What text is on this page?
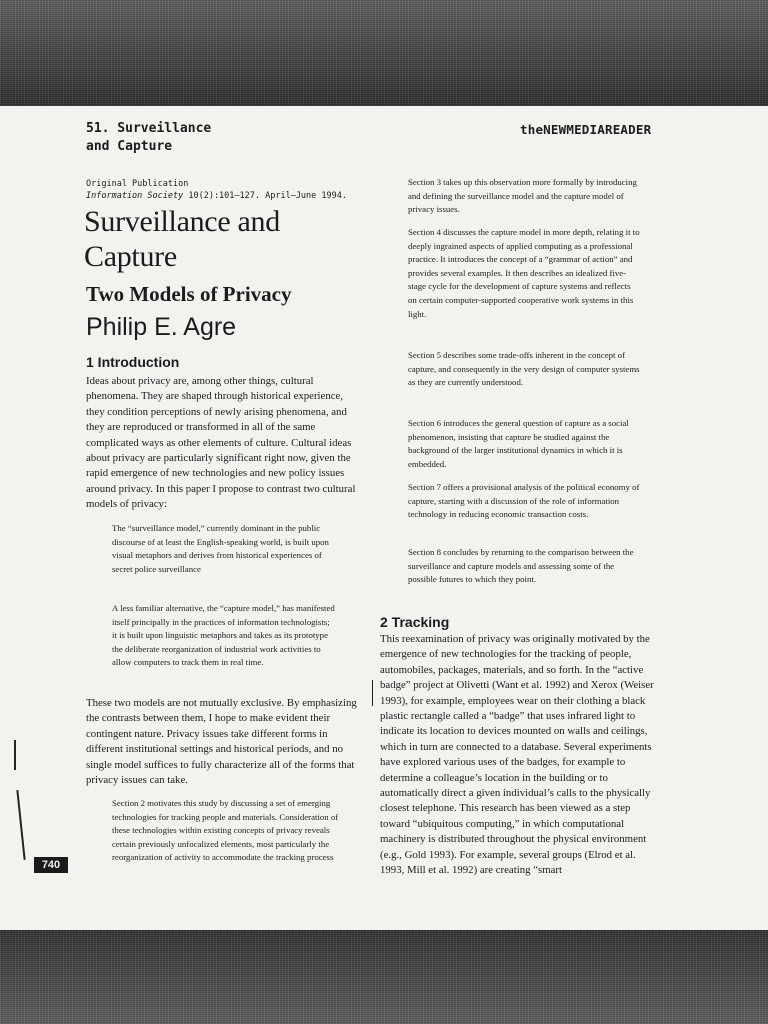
51. Surveillance
and Capture
theNEWMEDIAREADER
Original Publication
Information Society 10(2):101–127. April–June 1994.
Surveillance and
Capture
Two Models of Privacy
Philip E. Agre
1 Introduction

Ideas about privacy are, among other things, cultural phenomena. They are shaped through historical experience, they condition perceptions of newly arising phenomena, and they are reproduced or transformed in all of the same complicated ways as other elements of culture. Cultural ideas about privacy are particularly significant right now, given the rapid emergence of new technologies and new policy issues around privacy. In this paper I propose to contrast two cultural models of privacy:

The “surveillance model,” currently dominant in the public discourse of at least the English-speaking world, is built upon visual metaphors and derives from historical experiences of secret police surveillance

A less familiar alternative, the “capture model,” has manifested itself principally in the practices of information technologists; it is built upon linguistic metaphors and takes as its prototype the deliberate reorganization of industrial work activities to allow computers to track them in real time.

These two models are not mutually exclusive. By emphasizing the contrasts between them, I hope to make evident their contingent nature. Privacy issues take different forms in different institutional settings and historical periods, and no single model suffices to fully characterize all of the forms that privacy issues can take.

Section 2 motivates this study by discussing a set of emerging technologies for tracking people and materials. Consideration of these technologies within existing concepts of privacy reveals certain previously unfocalized elements, most particularly the reorganization of activity to accommodate the tracking process

Section 3 takes up this observation more formally by introducing and defining the surveillance model and the capture model of privacy issues.

Section 4 discusses the capture model in more depth, relating it to deeply ingrained aspects of applied computing as a professional practice. It introduces the concept of a “grammar of action” and provides several examples. It then describes an idealized five-stage cycle for the development of capture systems and reflects on certain computer-supported cooperative work systems in this light.

Section 5 describes some trade-offs inherent in the concept of capture, and consequently in the very design of computer systems as they are currently understood.

Section 6 introduces the general question of capture as a social phenomenon, insisting that capture be studied against the background of the larger institutional dynamics in which it is embedded.

Section 7 offers a provisional analysis of the political economy of capture, starting with a discussion of the role of information technology in reducing economic transaction costs.

Section 8 concludes by returning to the comparison between the surveillance and capture models and assessing some of the possible futures to which they point.

2 Tracking

This reexamination of privacy was originally motivated by the emergence of new technologies for the tracking of people, automobiles, packages, materials, and so forth. In the “active badge” project at Olivetti (Want et al. 1992) and Xerox (Weiser 1993), for example, employees wear on their clothing a black plastic rectangle called a “badge” that uses infrared light to indicate its location to devices mounted on walls and ceilings, which in turn are connected to a database. Several experiments have explored various uses of the badges, for example to determine a colleague’s location in the building or to automatically direct a given individual’s calls to the physically closest telephone. This research has been viewed as a step toward “ubiquitous computing,” in which computational machinery is distributed throughout the physical environment (e.g., Gold 1993). For example, several groups (Elrod et al. 1993, Mill et al. 1992) are creating “smart

740
